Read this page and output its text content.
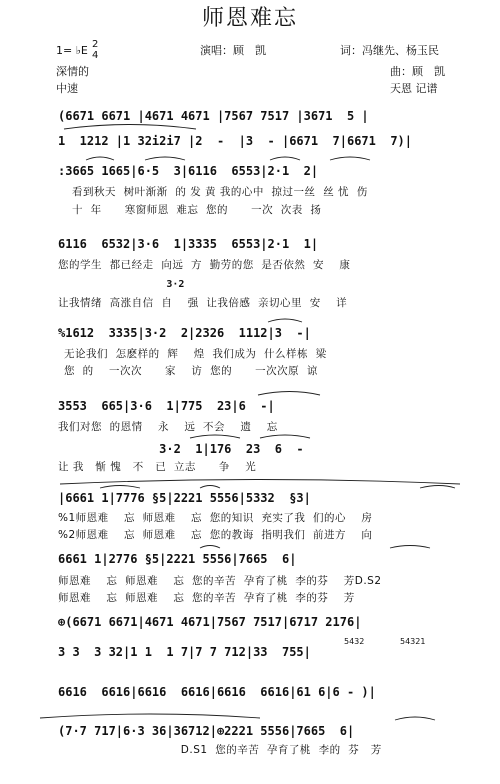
师恩难忘
1= ♭E 2
4	演唱：顾　凯	词：冯继先、杨玉民
深情的	曲：顾　凯
中速	天恩 记谱
(6671 6671 |4671 4671 |7567 7517 |3671  5 |
1  1212 |1 32i2i7 |2  -  |3  - |6671  7|6671  7)|
:3665 1665|6·5  3|6116  6553|2·1  2|
看到秋天  树叶渐渐  的 发 黄 我的心中  掠过一丝  丝 忧  伤
十  年      寒窗师恩  难忘  您的      一次  次表  扬
6116  6532|3·6  1|3335  6553|2·1  1|
您的学生  都已经走  向远  方  勤劳的您  是否依然  安    康
3·2
让我情绪  高涨自信  自    强  让我倍感  亲切心里  安    详
%1612  3335|3·2  2|2326  1112|3  -|
无论我们  怎麽样的  辉    煌  我们成为  什么样栋  梁
您  的    一次次      家    访  您的      一次次原  谅
3553  665|3·6  1|775  23|6  -|
我们对您  的恩情    永    远  不会    遗    忘
3·2  1|176  23  6  -
让 我   惭 愧   不   已  立志      争    光
|6661 1|7776 §5|2221 5556|5332  §3|
%1师恩难    忘  师恩难    忘  您的知识  充实了我  们的心    房
%2师恩难    忘  师恩难    忘  您的教诲  指明我们  前进方    向
6661 1|2776 §5|2221 5556|7665  6|
师恩难    忘  师恩难    忘  您的辛苦  孕育了桃  李的芬    芳D.S2
师恩难    忘  师恩难    忘  您的辛苦  孕育了桃  李的芬    芳
⊕(6671 6671|4671 4671|7567 7517|6717 2176|
3 3  3 32|1 1  1 7|7 7 712|33  755|
5432	54321
6616  6616|6616  6616|6616  6616|61 6|6 - )|
(7·7 717|6·3 36|36712|⊕2221 5556|7665  6|
D.S1  您的辛苦  孕育了桃  李的  芬   芳
